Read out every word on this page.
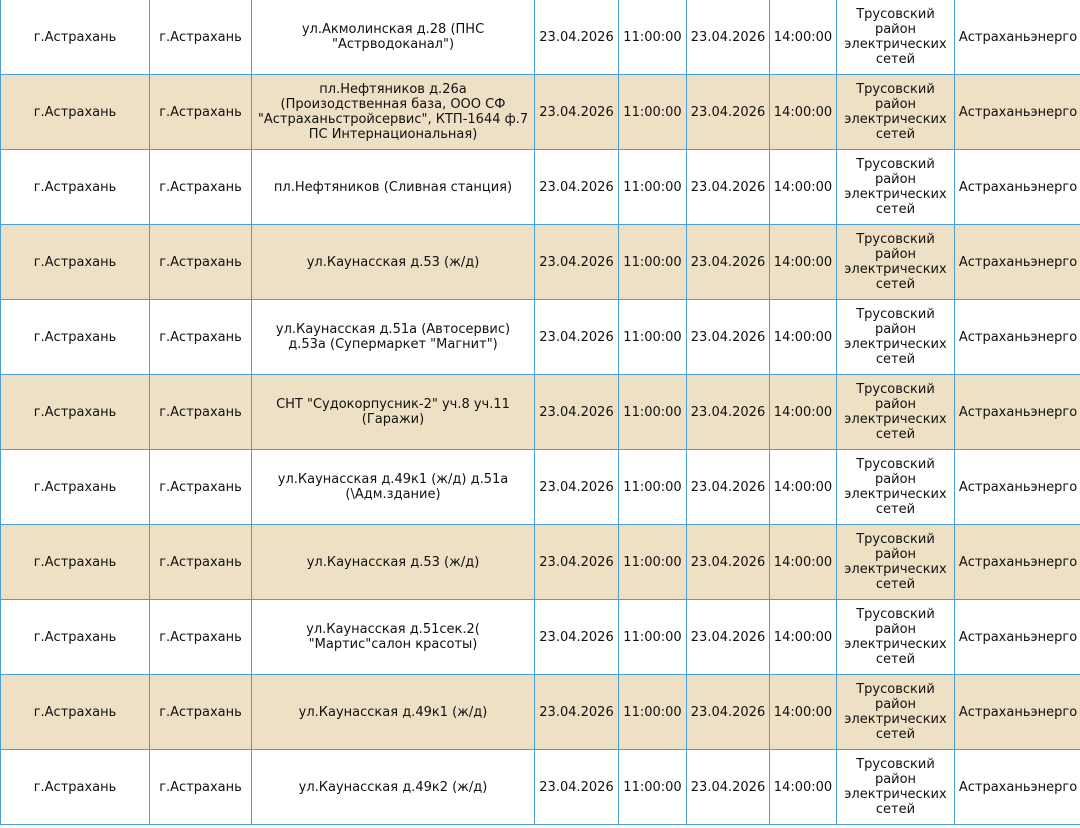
г.Астрахань	г.Астрахань	ул.Акмолинская д.28 (ПНС "Астрводоканал")	23.04.2026	11:00:00	23.04.2026	14:00:00	Трусовский район электрических сетей	Астраханьэнерго
г.Астрахань	г.Астрахань	пл.Нефтяников д.26а (Произодственная база, ООО СФ "Астраханьстройсервис", КТП-1644 ф.7 ПС Интернациональная)	23.04.2026	11:00:00	23.04.2026	14:00:00	Трусовский район электрических сетей	Астраханьэнерго
г.Астрахань	г.Астрахань	пл.Нефтяников (Сливная станция)	23.04.2026	11:00:00	23.04.2026	14:00:00	Трусовский район электрических сетей	Астраханьэнерго
г.Астрахань	г.Астрахань	ул.Каунасская д.53 (ж/д)	23.04.2026	11:00:00	23.04.2026	14:00:00	Трусовский район электрических сетей	Астраханьэнерго
г.Астрахань	г.Астрахань	ул.Каунасская д.51а (Автосервис) д.53а (Супермаркет "Магнит")	23.04.2026	11:00:00	23.04.2026	14:00:00	Трусовский район электрических сетей	Астраханьэнерго
г.Астрахань	г.Астрахань	СНТ "Судокорпусник-2" уч.8 уч.11 (Гаражи)	23.04.2026	11:00:00	23.04.2026	14:00:00	Трусовский район электрических сетей	Астраханьэнерго
г.Астрахань	г.Астрахань	ул.Каунасская д.49к1 (ж/д) д.51а (\Адм.здание)	23.04.2026	11:00:00	23.04.2026	14:00:00	Трусовский район электрических сетей	Астраханьэнерго
г.Астрахань	г.Астрахань	ул.Каунасская д.53 (ж/д)	23.04.2026	11:00:00	23.04.2026	14:00:00	Трусовский район электрических сетей	Астраханьэнерго
г.Астрахань	г.Астрахань	ул.Каунасская д.51сек.2( "Мартис"салон красоты)	23.04.2026	11:00:00	23.04.2026	14:00:00	Трусовский район электрических сетей	Астраханьэнерго
г.Астрахань	г.Астрахань	ул.Каунасская д.49к1 (ж/д)	23.04.2026	11:00:00	23.04.2026	14:00:00	Трусовский район электрических сетей	Астраханьэнерго
г.Астрахань	г.Астрахань	ул.Каунасская д.49к2 (ж/д)	23.04.2026	11:00:00	23.04.2026	14:00:00	Трусовский район электрических сетей	Астраханьэнерго
